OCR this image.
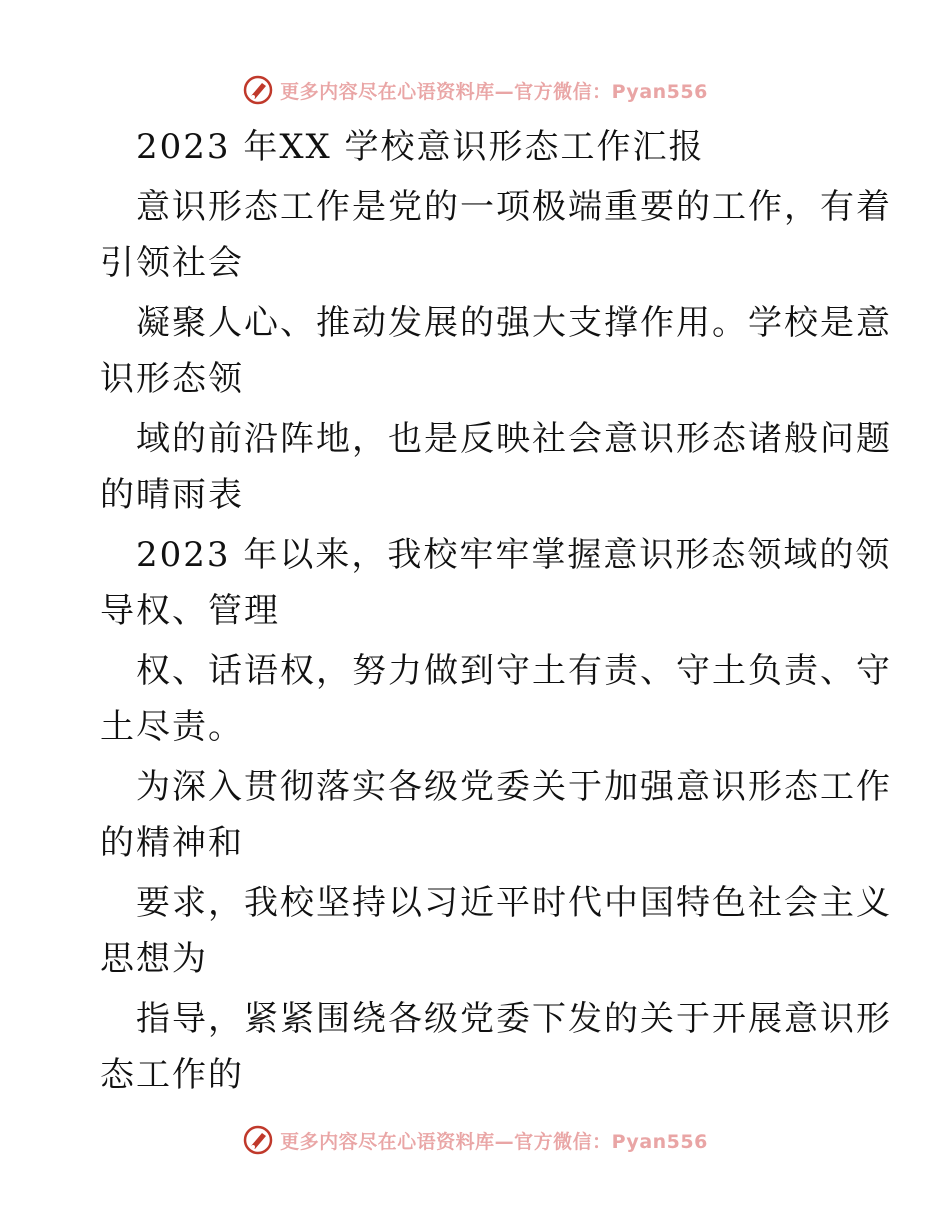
更多内容尽在心语资料库—官方微信：Pyan556
2023 年XX 学校意识形态工作汇报
意识形态工作是党的一项极端重要的工作，有着
引领社会
凝聚人心、推动发展的强大支撑作用。学校是意
识形态领
域的前沿阵地，也是反映社会意识形态诸般问题
的晴雨表
2023 年以来，我校牢牢掌握意识形态领域的领
导权、管理
权、话语权，努力做到守土有责、守土负责、守
土尽责。
为深入贯彻落实各级党委关于加强意识形态工作
的精神和
要求，我校坚持以习近平时代中国特色社会主义
思想为
指导，紧紧围绕各级党委下发的关于开展意识形
态工作的
更多内容尽在心语资料库—官方微信：Pyan556
